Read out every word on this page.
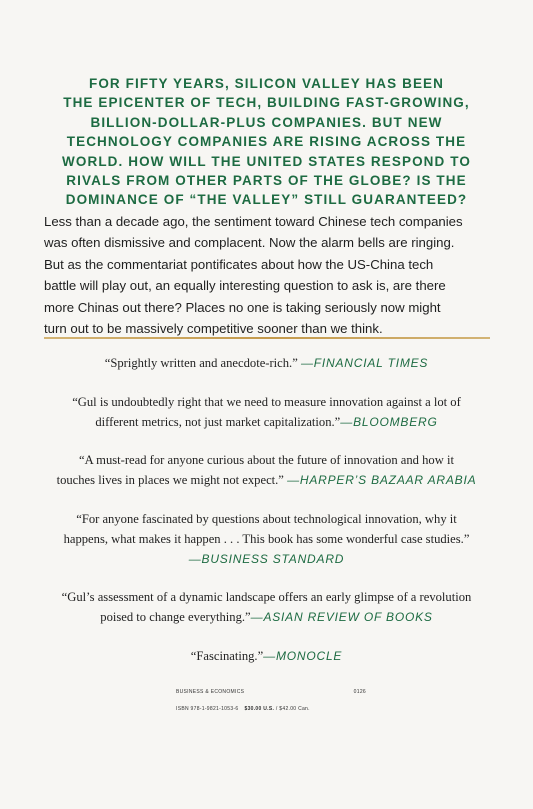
FOR FIFTY YEARS, SILICON VALLEY HAS BEEN
THE EPICENTER OF TECH, BUILDING FAST-GROWING,
BILLION-DOLLAR-PLUS COMPANIES. BUT NEW
TECHNOLOGY COMPANIES ARE RISING ACROSS THE
WORLD. HOW WILL THE UNITED STATES RESPOND TO
RIVALS FROM OTHER PARTS OF THE GLOBE? IS THE
DOMINANCE OF “THE VALLEY” STILL GUARANTEED?
Less than a decade ago, the sentiment toward Chinese tech companies
was often dismissive and complacent. Now the alarm bells are ringing.
But as the commentariat pontificates about how the US-China tech
battle will play out, an equally interesting question to ask is, are there
more Chinas out there? Places no one is taking seriously now might
turn out to be massively competitive sooner than we think.
“Sprightly written and anecdote-rich.” —FINANCIAL TIMES
“Gul is undoubtedly right that we need to measure innovation against a lot of
different metrics, not just market capitalization.”—BLOOMBERG
“A must-read for anyone curious about the future of innovation and how it
touches lives in places we might not expect.” —HARPER’S BAZAAR ARABIA
“For anyone fascinated by questions about technological innovation, why it
happens, what makes it happen . . . This book has some wonderful case studies.”
—BUSINESS STANDARD
“Gul’s assessment of a dynamic landscape offers an early glimpse of a revolution
poised to change everything.”—ASIAN REVIEW OF BOOKS
“Fascinating.”—MONOCLE
BUSINESS & ECONOMICS	0126
ISBN 978-1-9821-1053-6 $30.00 U.S. / $42.00 Can.
